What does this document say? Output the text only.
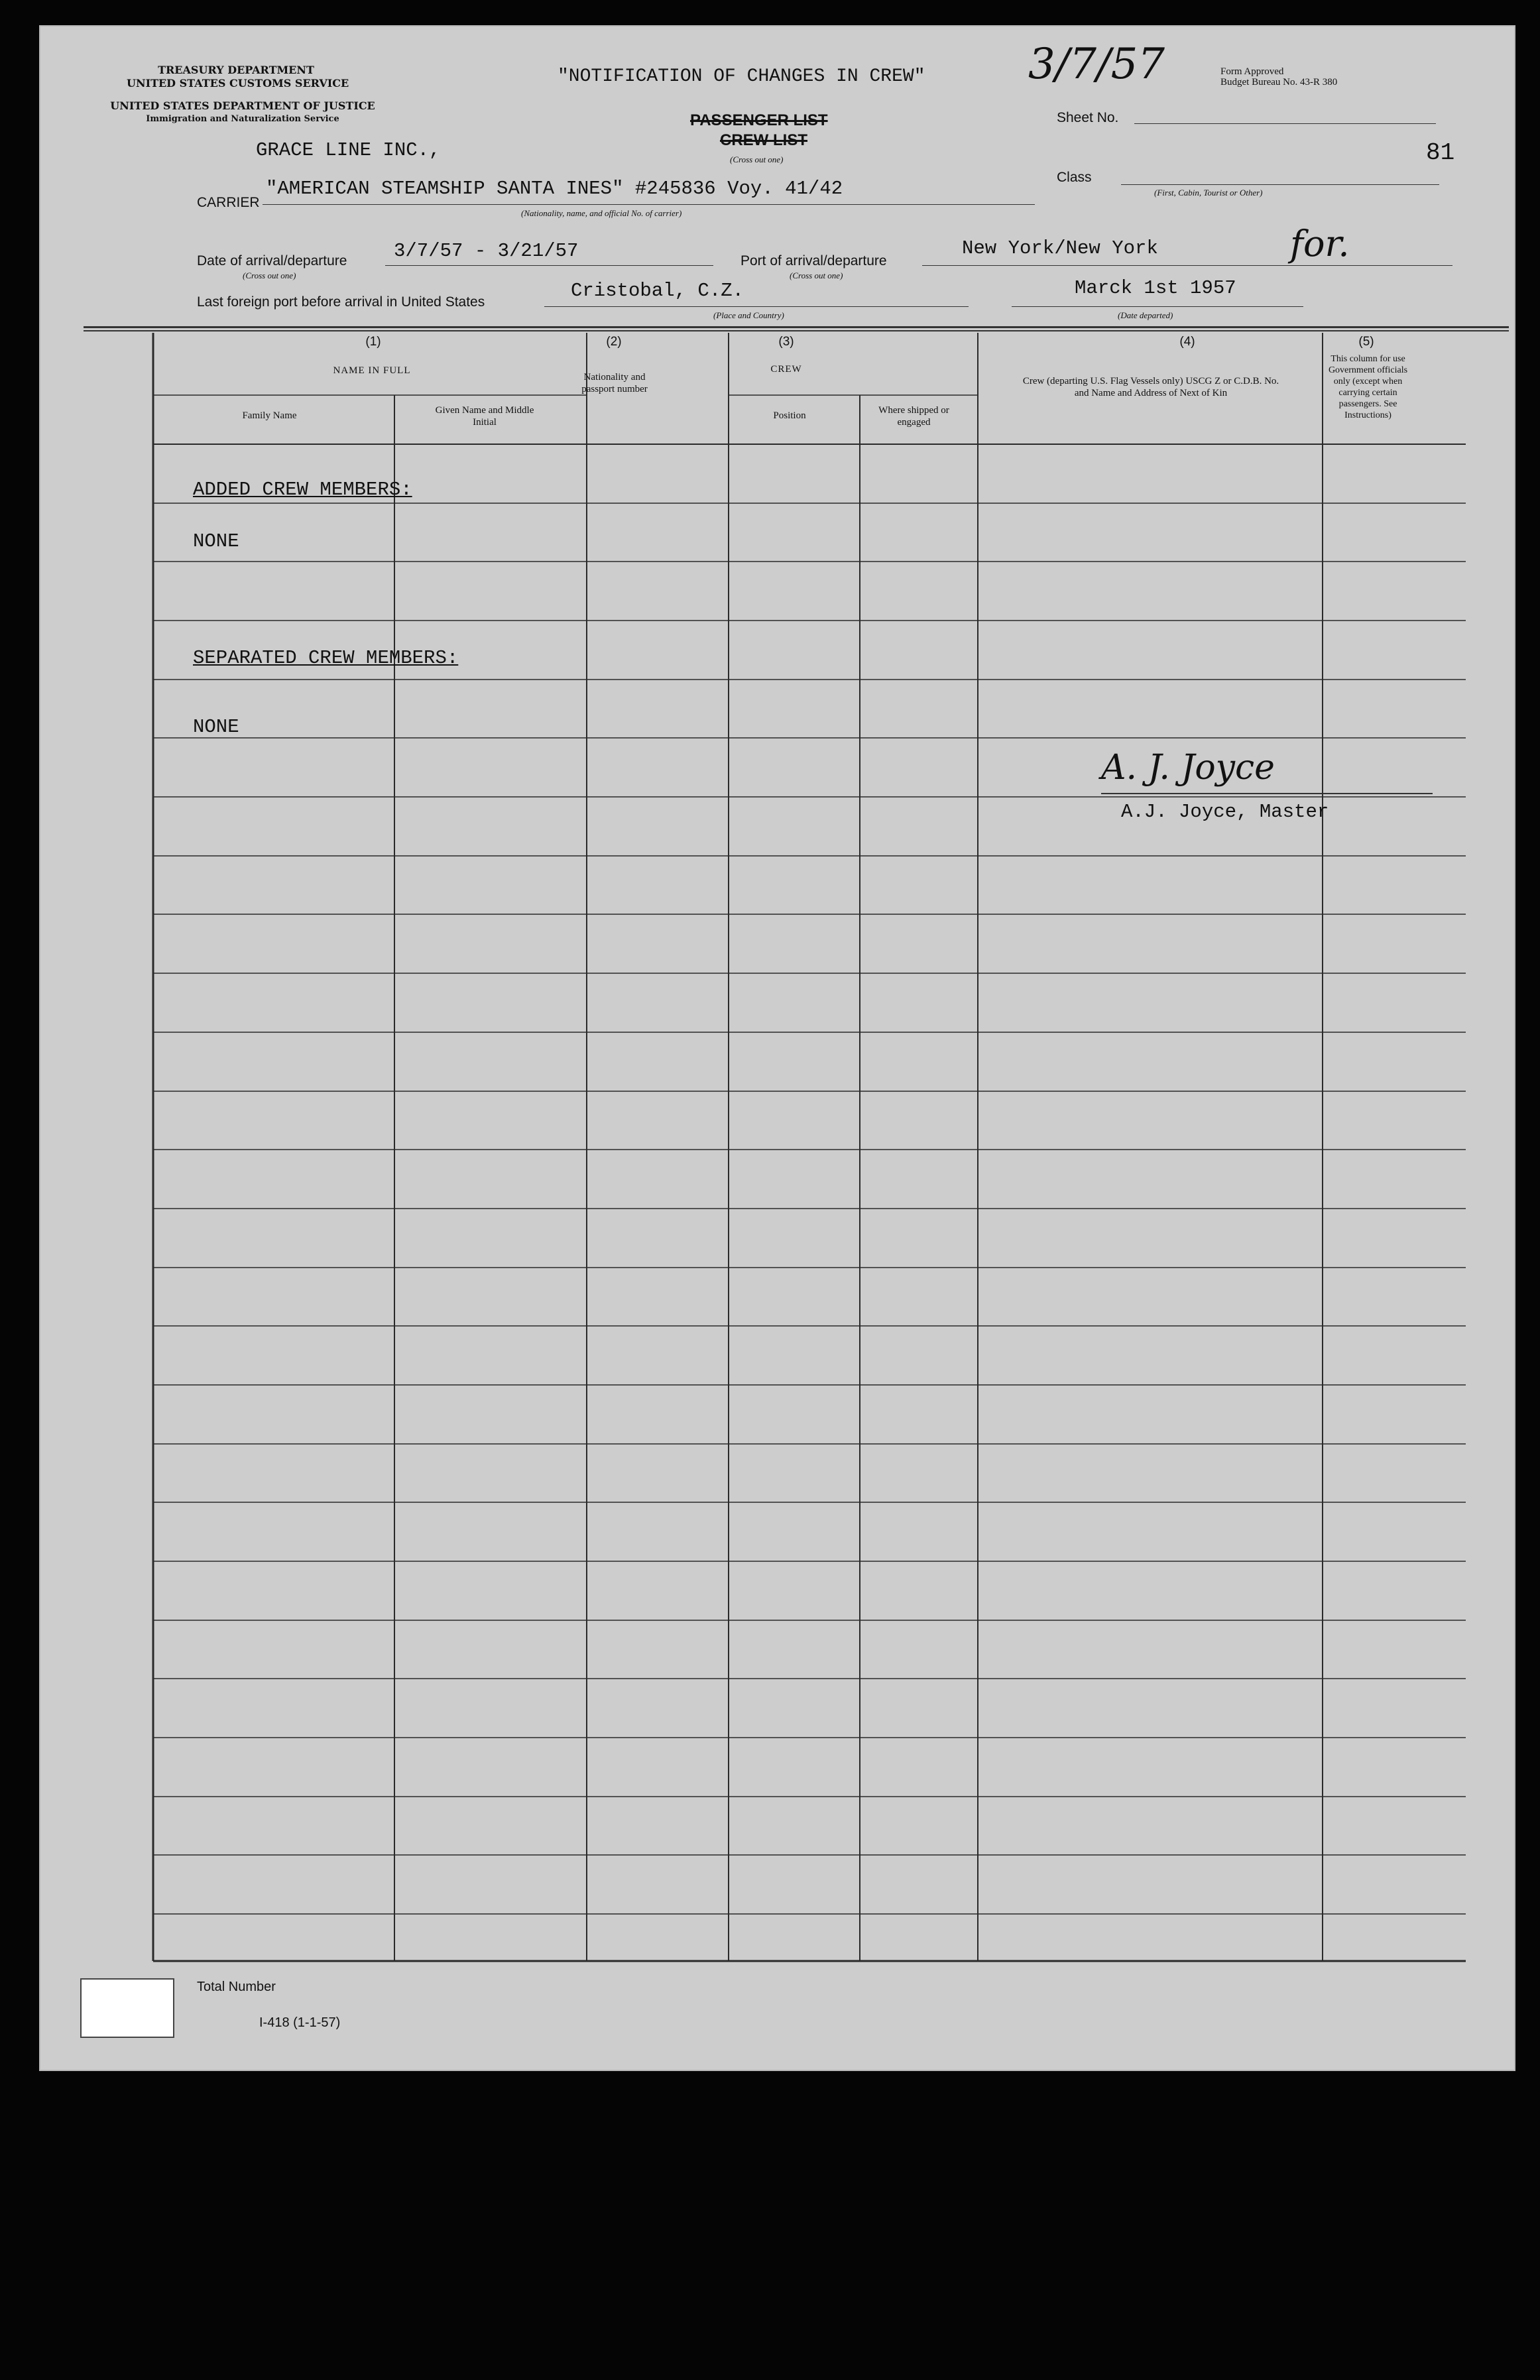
TREASURY DEPARTMENT
UNITED STATES CUSTOMS SERVICE
UNITED STATES DEPARTMENT OF JUSTICE
Immigration and Naturalization Service
"NOTIFICATION OF CHANGES IN CREW"
PASSENGER LIST
CREW LIST
(Cross out one)
3/7/57	Form Approved
Budget Bureau No. 43-R 380
Sheet No.
81
GRACE LINE INC.,
Class
(First, Cabin, Tourist or Other)
CARRIER
"AMERICAN STEAMSHIP SANTA INES" #245836 Voy. 41/42
(Nationality, name, and official No. of carrier)
Date of arrival/departure
(Cross out one)
3/7/57 - 3/21/57	Port of arrival/departure
(Cross out one)
New York/New York	for.
Last foreign port before arrival in United States
Cristobal, C.Z.
(Place and Country)
Marck 1st 1957
(Date departed)
(1)
NAME IN FULL
Family Name	Given Name and Middle Initial
(2)
Nationality and passport number
(3)
CREW
Position	Where shipped or engaged
(4)
Crew (departing U.S. Flag Vessels only) USCG Z or C.D.B. No. and Name and Address of Next of Kin
(5)
This column for use Government officials only (except when carrying certain passengers. See Instructions)
ADDED CREW MEMBERS:
NONE
SEPARATED CREW MEMBERS:
NONE
A. J. Joyce
A.J. Joyce, Master
Total Number
I-418 (1-1-57)
